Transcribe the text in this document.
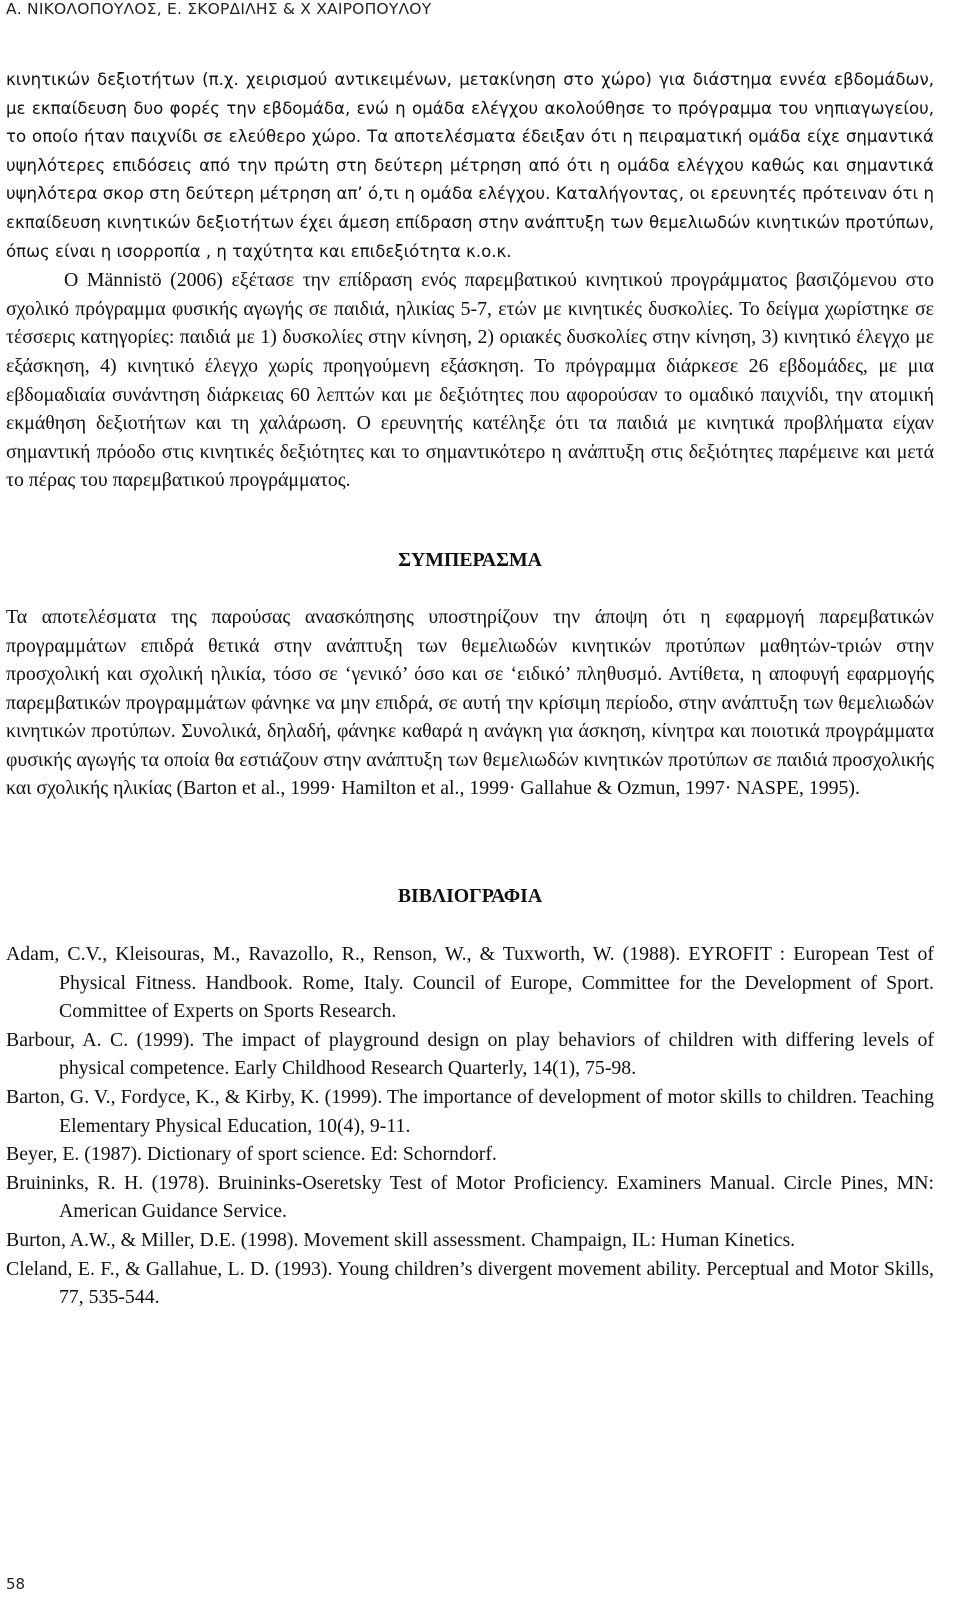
Α. ΝΙΚΟΛΟΠΟΥΛΟΣ, Ε. ΣΚΟΡΔΙΛΗΣ & Χ ΧΑΙΡΟΠΟΥΛΟΥ

κινητικών δεξιοτήτων (π.χ. χειρισμού αντικειμένων, μετακίνηση στο χώρο) για διάστημα εννέα εβδομάδων, με εκπαίδευση δυο φορές την εβδομάδα, ενώ η ομάδα ελέγχου ακολούθησε το πρόγραμμα του νηπιαγωγείου, το οποίο ήταν παιχνίδι σε ελεύθερο χώρο. Τα αποτελέσματα έδειξαν ότι η πειραματική ομάδα είχε σημαντικά υψηλότερες επιδόσεις από την πρώτη στη δεύτερη μέτρηση από ότι η ομάδα ελέγχου καθώς και σημαντικά υψηλότερα σκορ στη δεύτερη μέτρηση απ’ ό,τι η ομάδα ελέγχου. Καταλήγοντας, οι ερευνητές πρότειναν ότι η εκπαίδευση κινητικών δεξιοτήτων έχει άμεση επίδραση στην ανάπτυξη των θεμελιωδών κινητικών προτύπων, όπως είναι η ισορροπία , η ταχύτητα και επιδεξιότητα κ.ο.κ.

Ο Männistö (2006) εξέτασε την επίδραση ενός παρεμβατικού κινητικού προγράμματος βασιζόμενου στο σχολικό πρόγραμμα φυσικής αγωγής σε παιδιά, ηλικίας 5-7, ετών με κινητικές δυσκολίες. Το δείγμα χωρίστηκε σε τέσσερις κατηγορίες: παιδιά με 1) δυσκολίες στην κίνηση, 2) οριακές δυσκολίες στην κίνηση, 3) κινητικό έλεγχο με εξάσκηση, 4) κινητικό έλεγχο χωρίς προηγούμενη εξάσκηση. Το πρόγραμμα διάρκεσε 26 εβδομάδες, με μια εβδομαδιαία συνάντηση διάρκειας 60 λεπτών και με δεξιότητες που αφορούσαν το ομαδικό παιχνίδι, την ατομική εκμάθηση δεξιοτήτων και τη χαλάρωση. Ο ερευνητής κατέληξε ότι τα παιδιά με κινητικά προβλήματα είχαν σημαντική πρόοδο στις κινητικές δεξιότητες και το σημαντικότερο η ανάπτυξη στις δεξιότητες παρέμεινε και μετά το πέρας του παρεμβατικού προγράμματος.

ΣΥΜΠΕΡΑΣΜΑ

Τα αποτελέσματα της παρούσας ανασκόπησης υποστηρίζουν την άποψη ότι η εφαρμογή παρεμβατικών προγραμμάτων επιδρά θετικά στην ανάπτυξη των θεμελιωδών κινητικών προτύπων μαθητών-τριών στην προσχολική και σχολική ηλικία, τόσο σε ‘γενικό’ όσο και σε ‘ειδικό’ πληθυσμό. Αντίθετα, η αποφυγή εφαρμογής παρεμβατικών προγραμμάτων φάνηκε να μην επιδρά, σε αυτή την κρίσιμη περίοδο, στην ανάπτυξη των θεμελιωδών κινητικών προτύπων. Συνολικά, δηλαδή, φάνηκε καθαρά η ανάγκη για άσκηση, κίνητρα και ποιοτικά προγράμματα φυσικής αγωγής τα οποία θα εστιάζουν στην ανάπτυξη των θεμελιωδών κινητικών προτύπων σε παιδιά προσχολικής και σχολικής ηλικίας (Barton et al., 1999· Hamilton et al., 1999· Gallahue & Ozmun, 1997· NASPE, 1995).

ΒΙΒΛΙΟΓΡΑΦΙΑ
Adam, C.V., Kleisouras, M., Ravazollo, R., Renson, W., & Tuxworth, W. (1988). EYROFIT : European Test of Physical Fitness. Handbook. Rome, Italy. Council of Europe, Committee for the Development of Sport. Committee of Experts on Sports Research.
Barbour, A. C. (1999). The impact of playground design on play behaviors of children with differing levels of physical competence. Early Childhood Research Quarterly, 14(1), 75-98.
Barton, G. V., Fordyce, K., & Kirby, K. (1999). The importance of development of motor skills to children. Teaching Elementary Physical Education, 10(4), 9-11.
Beyer, E. (1987). Dictionary of sport science. Ed: Schorndorf.
Bruininks, R. H. (1978). Bruininks-Oseretsky Test of Motor Proficiency. Examiners Manual. Circle Pines, MN: American Guidance Service.
Burton, A.W., & Miller, D.E. (1998). Movement skill assessment. Champaign, IL: Human Kinetics.
Cleland, E. F., & Gallahue, L. D. (1993). Young children’s divergent movement ability. Perceptual and Motor Skills, 77, 535-544.
58
